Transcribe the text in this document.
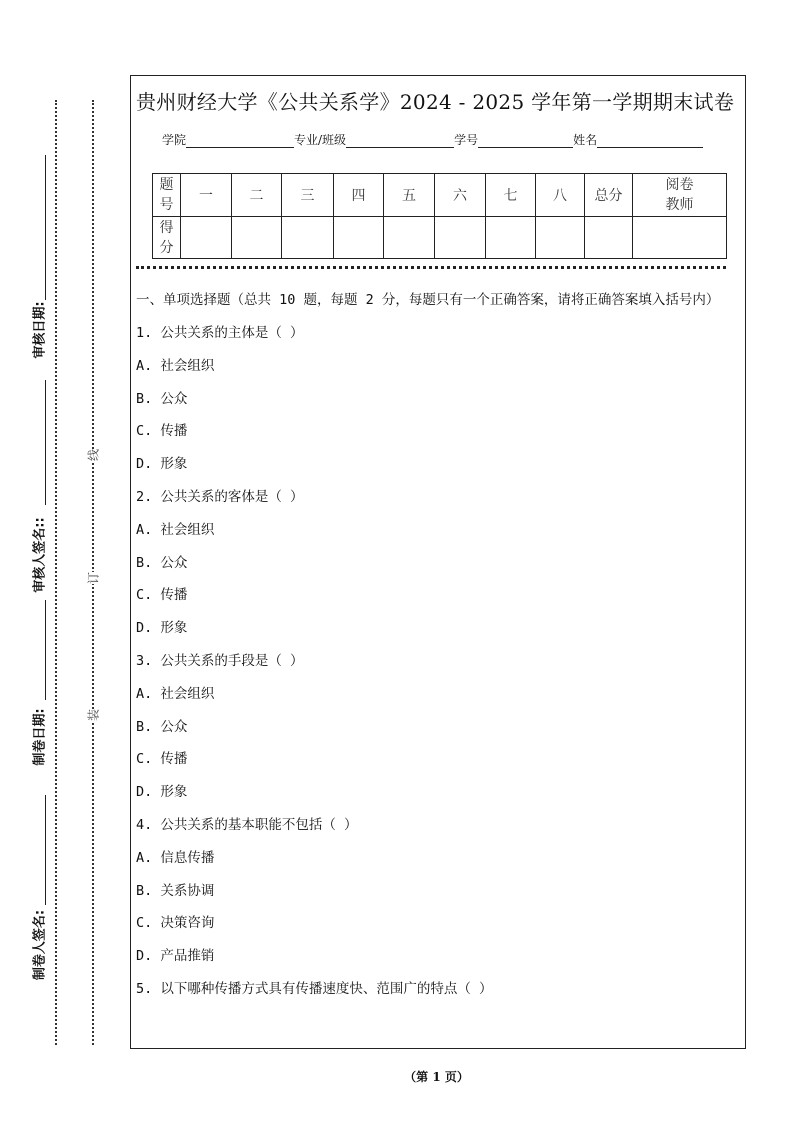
审核日期:
审核人签名::
制卷日期:
制卷人签名:
线
订
装
贵州财经大学《公共关系学》2024 - 2025 学年第一学期期末试卷
学院	专业/班级	学号	姓名
题号	一	二	三	四	五	六	七	八	总分	阅卷教师
得分										
一、单项选择题（总共 10 题，每题 2 分，每题只有一个正确答案，请将正确答案填入括号内）
1. 公共关系的主体是（ ）
A. 社会组织
B. 公众
C. 传播
D. 形象
2. 公共关系的客体是（ ）
A. 社会组织
B. 公众
C. 传播
D. 形象
3. 公共关系的手段是（ ）
A. 社会组织
B. 公众
C. 传播
D. 形象
4. 公共关系的基本职能不包括（ ）
A. 信息传播
B. 关系协调
C. 决策咨询
D. 产品推销
5. 以下哪种传播方式具有传播速度快、范围广的特点（ ）
（第 1 页）
